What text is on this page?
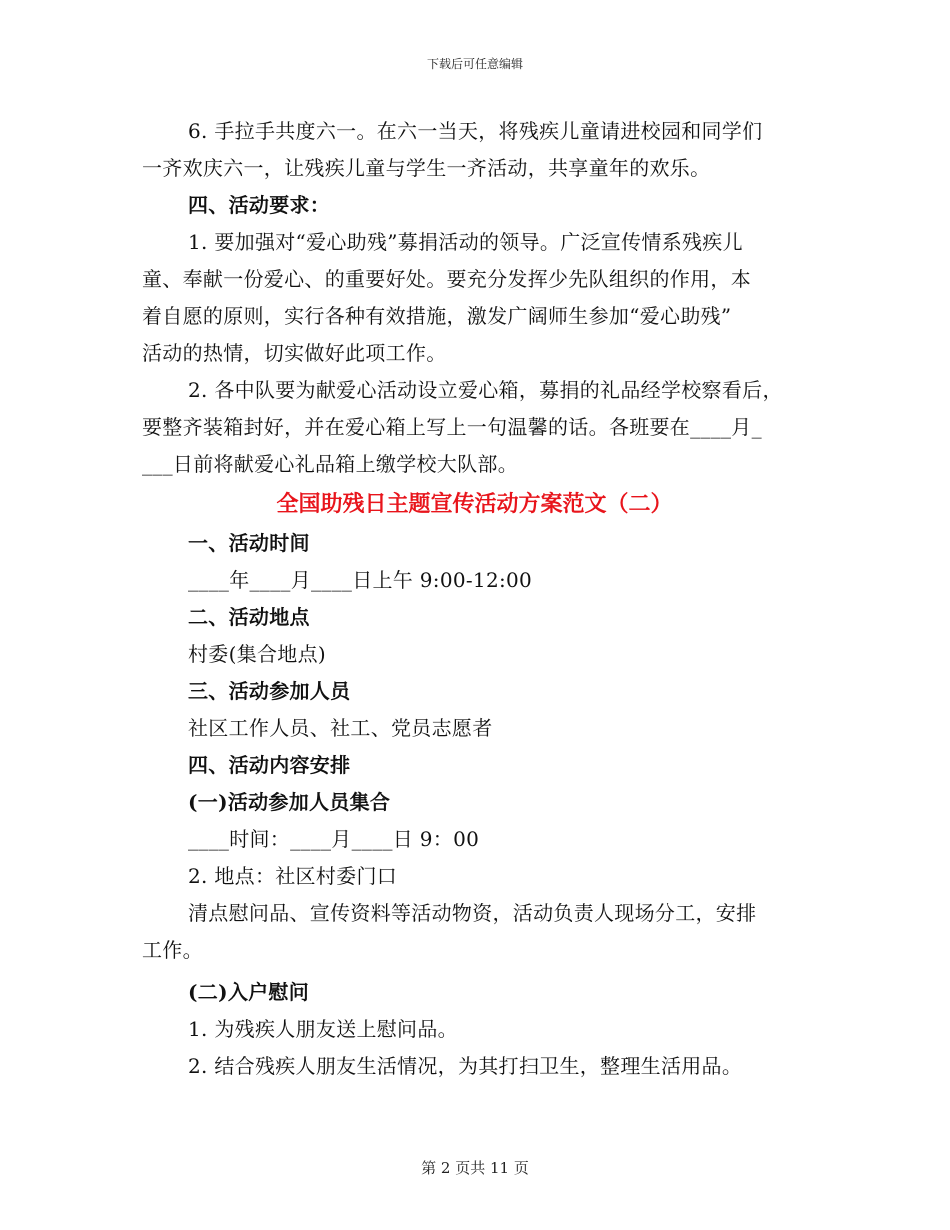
下载后可任意编辑
6. 手拉手共度六一。在六一当天，将残疾儿童请进校园和同学们
一齐欢庆六一，让残疾儿童与学生一齐活动，共享童年的欢乐。
四、活动要求：
1. 要加强对“爱心助残”募捐活动的领导。广泛宣传情系残疾儿
童、奉献一份爱心、的重要好处。要充分发挥少先队组织的作用，本
着自愿的原则，实行各种有效措施，激发广阔师生参加“爱心助残”
活动的热情，切实做好此项工作。
2. 各中队要为献爱心活动设立爱心箱，募捐的礼品经学校察看后，
要整齐装箱封好，并在爱心箱上写上一句温馨的话。各班要在____月_
___日前将献爱心礼品箱上缴学校大队部。
全国助残日主题宣传活动方案范文（二）
一、活动时间
____年____月____日上午 9:00-12:00
二、活动地点
村委(集合地点)
三、活动参加人员
社区工作人员、社工、党员志愿者
四、活动内容安排
(一)活动参加人员集合
____时间：____月____日 9：00
2. 地点：社区村委门口
清点慰问品、宣传资料等活动物资，活动负责人现场分工，安排
工作。
(二)入户慰问
1. 为残疾人朋友送上慰问品。
2. 结合残疾人朋友生活情况，为其打扫卫生，整理生活用品。
第 2 页共 11 页
